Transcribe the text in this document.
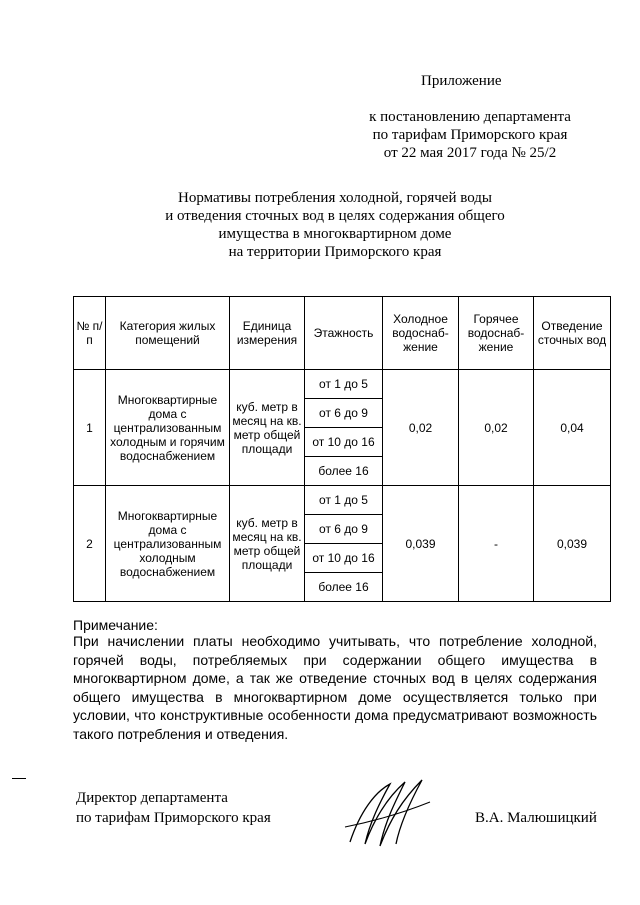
Приложение
к постановлению департамента
по тарифам Приморского края
от 22 мая 2017 года № 25/2
Нормативы потребления холодной, горячей воды
и отведения сточных вод в целях содержания общего
имущества в многоквартирном доме
на территории Приморского края
№ п/п	Категория жилых помещений	Единица измерения	Этажность	Холодное водоснаб-жение	Горячее водоснаб-жение	Отведение сточных вод
1	Многоквартирные дома с централизованным холодным и горячим водоснабжением	куб. метр в месяц на кв. метр общей площади	от 1 до 5	0,02	0,02	0,04
			от 6 до 9			
			от 10 до 16			
			более 16			
2	Многоквартирные дома с централизованным холодным водоснабжением	куб. метр в месяц на кв. метр общей площади	от 1 до 5	0,039	-	0,039
			от 6 до 9			
			от 10 до 16			
			более 16			
Примечание:
При начислении платы необходимо учитывать, что потребление холодной, горячей воды, потребляемых при содержании общего имущества в многоквартирном доме, а так же отведение сточных вод в целях содержания общего имущества в многоквартирном доме осуществляется только при условии, что конструктивные особенности дома предусматривают возможность такого потребления и отведения.
Директор департамента
по тарифам Приморского края	В.А. Малюшицкий
